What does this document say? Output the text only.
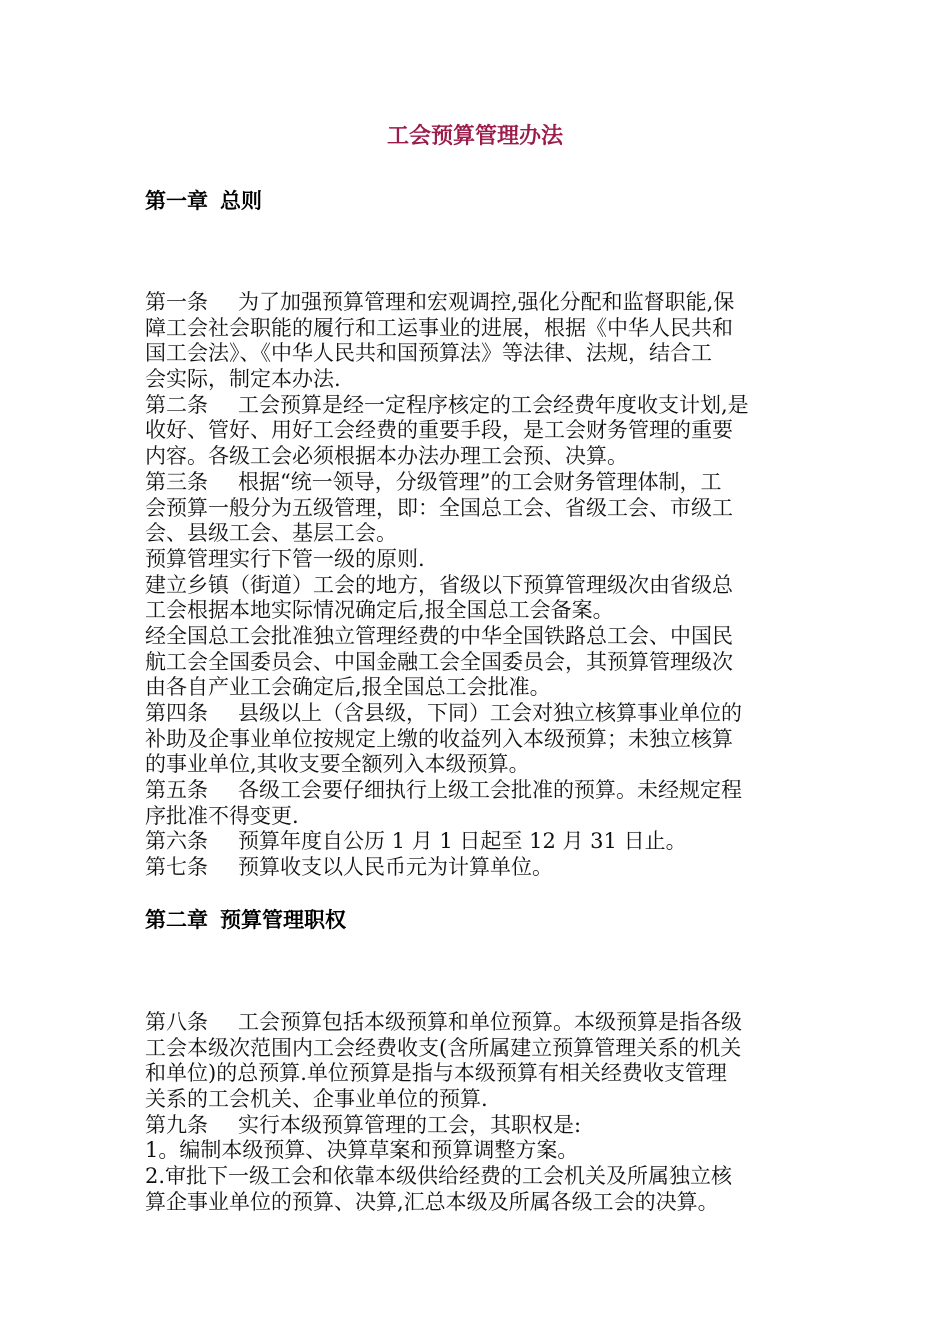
工会预算管理办法
第一章 总则
第一条 为了加强预算管理和宏观调控,强化分配和监督职能,保
障工会社会职能的履行和工运事业的进展，根据《中华人民共和
国工会法》、《中华人民共和国预算法》等法律、法规，结合工
会实际，制定本办法.
第二条 工会预算是经一定程序核定的工会经费年度收支计划,是
收好、管好、用好工会经费的重要手段，是工会财务管理的重要
内容。各级工会必须根据本办法办理工会预、决算。
第三条 根据“统一领导，分级管理”的工会财务管理体制，工
会预算一般分为五级管理，即：全国总工会、省级工会、市级工
会、县级工会、基层工会。
预算管理实行下管一级的原则.
建立乡镇（街道）工会的地方，省级以下预算管理级次由省级总
工会根据本地实际情况确定后,报全国总工会备案。
经全国总工会批准独立管理经费的中华全国铁路总工会、中国民
航工会全国委员会、中国金融工会全国委员会，其预算管理级次
由各自产业工会确定后,报全国总工会批准。
第四条 县级以上（含县级，下同）工会对独立核算事业单位的
补助及企事业单位按规定上缴的收益列入本级预算；未独立核算
的事业单位,其收支要全额列入本级预算。
第五条 各级工会要仔细执行上级工会批准的预算。未经规定程
序批准不得变更.
第六条 预算年度自公历 1 月 1 日起至 12 月 31 日止。
第七条 预算收支以人民币元为计算单位。
第二章 预算管理职权
第八条 工会预算包括本级预算和单位预算。本级预算是指各级
工会本级次范围内工会经费收支(含所属建立预算管理关系的机关
和单位)的总预算.单位预算是指与本级预算有相关经费收支管理
关系的工会机关、企事业单位的预算.
第九条 实行本级预算管理的工会，其职权是:
1。编制本级预算、决算草案和预算调整方案。
2.审批下一级工会和依靠本级供给经费的工会机关及所属独立核
算企事业单位的预算、决算,汇总本级及所属各级工会的决算。
